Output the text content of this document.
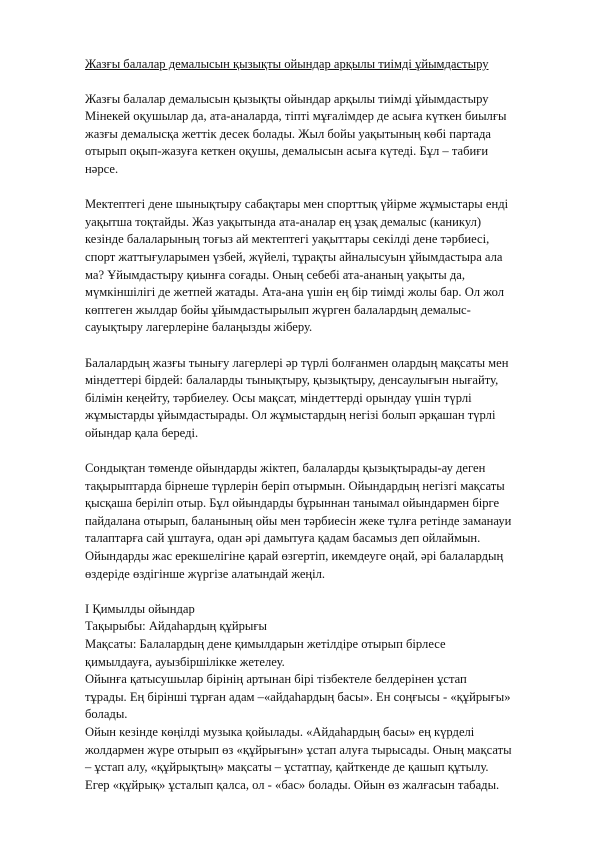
Жазғы балалар демалысын қызықты ойындар арқылы тиімді ұйымдастыру
Жазғы балалар демалысын қызықты ойындар арқылы тиімді ұйымдастыру
Мінекей оқушылар да, ата-аналарда, тіпті мұғалімдер де асыға күткен биылғы
жазғы демалысқа жеттік десек болады. Жыл бойы уақытының көбі партада
отырып оқып-жазуға кеткен оқушы, демалысын асыға күтеді. Бұл – табиғи
нәрсе.
Мектептегі дене шынықтыру сабақтары мен спорттық үйірме жұмыстары енді
уақытша тоқтайды. Жаз уақытында ата-аналар ең ұзақ демалыс (каникул)
кезінде балаларының тоғыз ай мектептегі уақыттары секілді дене тәрбиесі,
спорт жаттығуларымен үзбей, жүйелі, тұрақты айналысуын ұйымдастыра ала
ма? Ұйымдастыру қиынға соғады. Оның себебі ата-ананың уақыты да,
мүмкіншілігі де жетпей жатады. Ата-ана үшін ең бір тиімді жолы бар. Ол жол
көптеген жылдар бойы ұйымдастырылып жүрген балалардың демалыс-
сауықтыру лагерлеріне балаңызды жіберу.
Балалардың жазғы тынығу лагерлері әр түрлі болғанмен олардың мақсаты мен
міндеттері бірдей: балаларды тынықтыру, қызықтыру, денсаулығын нығайту,
білімін кеңейту, тәрбиелеу. Осы мақсат, міндеттерді орындау үшін түрлі
жұмыстарды ұйымдастырады. Ол жұмыстардың негізі болып әрқашан түрлі
ойындар қала береді.
Сондықтан төменде ойындарды жіктеп, балаларды қызықтырады-ау деген
тақырыптарда бірнеше түрлерін беріп отырмын. Ойындардың негізгі мақсаты
қысқаша беріліп отыр. Бұл ойындарды бұрыннан танымал ойындармен бірге
пайдалана отырып, баланының ойы мен тәрбиесін жеке тұлға ретінде заманауи
талаптарға сай ұштауға, одан әрі дамытуға қадам басамыз деп ойлаймын.
Ойындарды жас ерекшелігіне қарай өзгертіп, икемдеуге оңай, әрі балалардың
өздеріде өздігінше жүргізе алатындай жеңіл.
І Қимылды ойындар
Тақырыбы: Айдаһардың құйрығы
Мақсаты: Балалардың дене қимылдарын жетілдіре отырып бірлесе
қимылдауға, ауызбіршілікке жетелеу.
Ойынға қатысушылар бірінің артынан бірі тізбектеле белдерінен ұстап
тұрады. Ең бірінші тұрған адам –«айдаһардың басы». Ен соңғысы - «құйрығы»
болады.
Ойын кезінде көңілді музыка қойылады. «Айдаһардың басы» ең күрделі
жолдармен жүре отырып өз «құйрығын» ұстап алуға тырысады. Оның мақсаты
– ұстап алу, «құйрықтың» мақсаты – ұстатпау, қайткенде де қашып құтылу.
Егер «құйрық» ұсталып қалса, ол - «бас» болады. Ойын өз жалғасын табады.
